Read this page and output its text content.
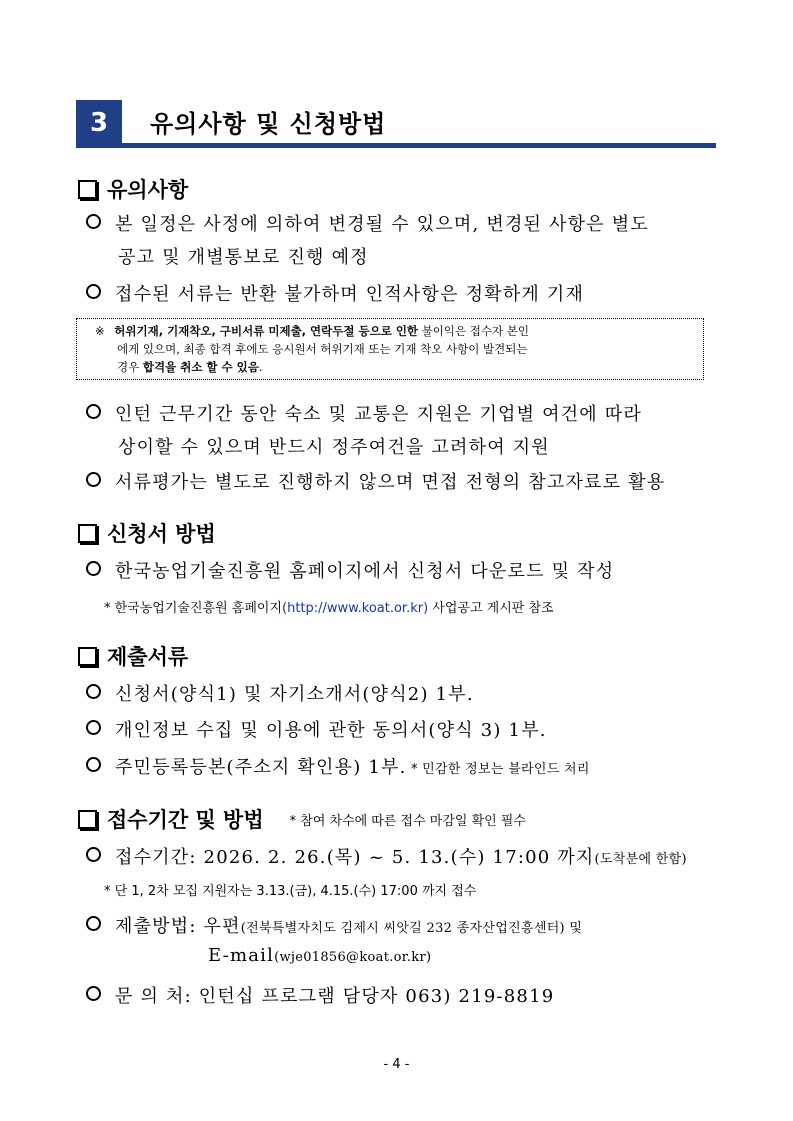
3	유의사항 및 신청방법
유의사항
본 일정은 사정에 의하여 변경될 수 있으며, 변경된 사항은 별도
공고 및 개별통보로 진행 예정
접수된 서류는 반환 불가하며 인적사항은 정확하게 기재
※ 허위기재, 기재착오, 구비서류 미제출, 연락두절 등으로 인한 불이익은 접수자 본인
에게 있으며, 최종 합격 후에도 응시원서 허위기재 또는 기재 착오 사항이 발견되는
경우 합격을 취소 할 수 있음.
인턴 근무기간 동안 숙소 및 교통은 지원은 기업별 여건에 따라
상이할 수 있으며 반드시 정주여건을 고려하여 지원
서류평가는 별도로 진행하지 않으며 면접 전형의 참고자료로 활용
신청서 방법
한국농업기술진흥원 홈페이지에서 신청서 다운로드 및 작성
* 한국농업기술진흥원 홈페이지(http://www.koat.or.kr) 사업공고 게시판 참조
제출서류
신청서(양식1) 및 자기소개서(양식2) 1부.
개인정보 수집 및 이용에 관한 동의서(양식 3) 1부.
주민등록등본(주소지 확인용) 1부. * 민감한 정보는 블라인드 처리
접수기간 및 방법 * 참여 차수에 따른 접수 마감일 확인 필수
접수기간: 2026. 2. 26.(목) ~ 5. 13.(수) 17:00 까지(도착분에 한함)
* 단 1, 2차 모집 지원자는 3.13.(금), 4.15.(수) 17:00 까지 접수
제출방법: 우편(전북특별자치도 김제시 씨앗길 232 종자산업진흥센터) 및
E-mail(wje01856@koat.or.kr)
문 의 처: 인턴십 프로그램 담당자 063) 219-8819
- 4 -
